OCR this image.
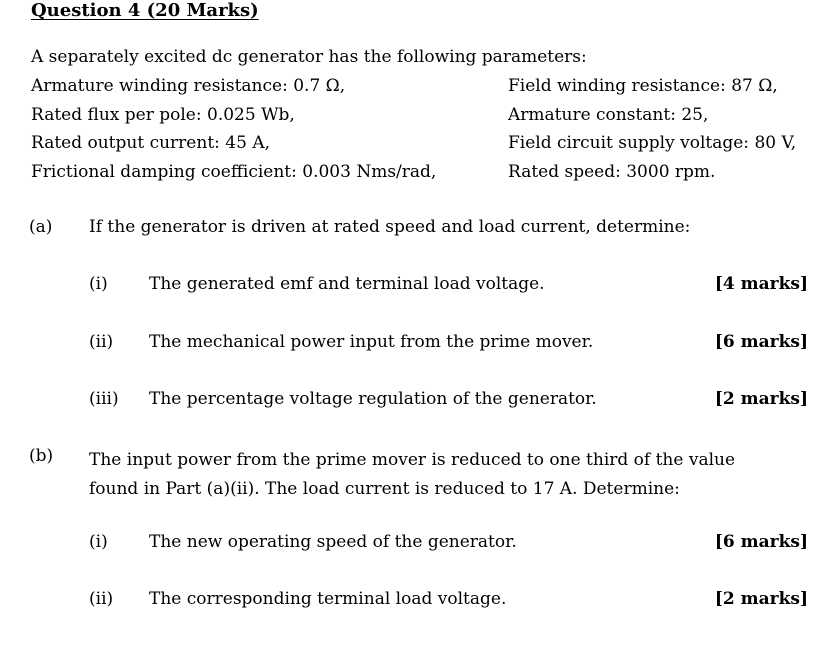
Question 4 (20 Marks)
A separately excited dc generator has the following parameters:
Armature winding resistance: 0.7 Ω,	Field winding resistance: 87 Ω,
Rated flux per pole: 0.025 Wb,	Armature constant: 25,
Rated output current: 45 A,	Field circuit supply voltage: 80 V,
Frictional damping coefficient: 0.003 Nms/rad,	Rated speed: 3000 rpm.
(a) If the generator is driven at rated speed and load current, determine:
(i) The generated emf and terminal load voltage.	[4 marks]
(ii) The mechanical power input from the prime mover.	[6 marks]
(iii) The percentage voltage regulation of the generator.	[2 marks]
(b) The input power from the prime mover is reduced to one third of the value
found in Part (a)(ii). The load current is reduced to 17 A. Determine:
(i) The new operating speed of the generator.	[6 marks]
(ii) The corresponding terminal load voltage.	[2 marks]
